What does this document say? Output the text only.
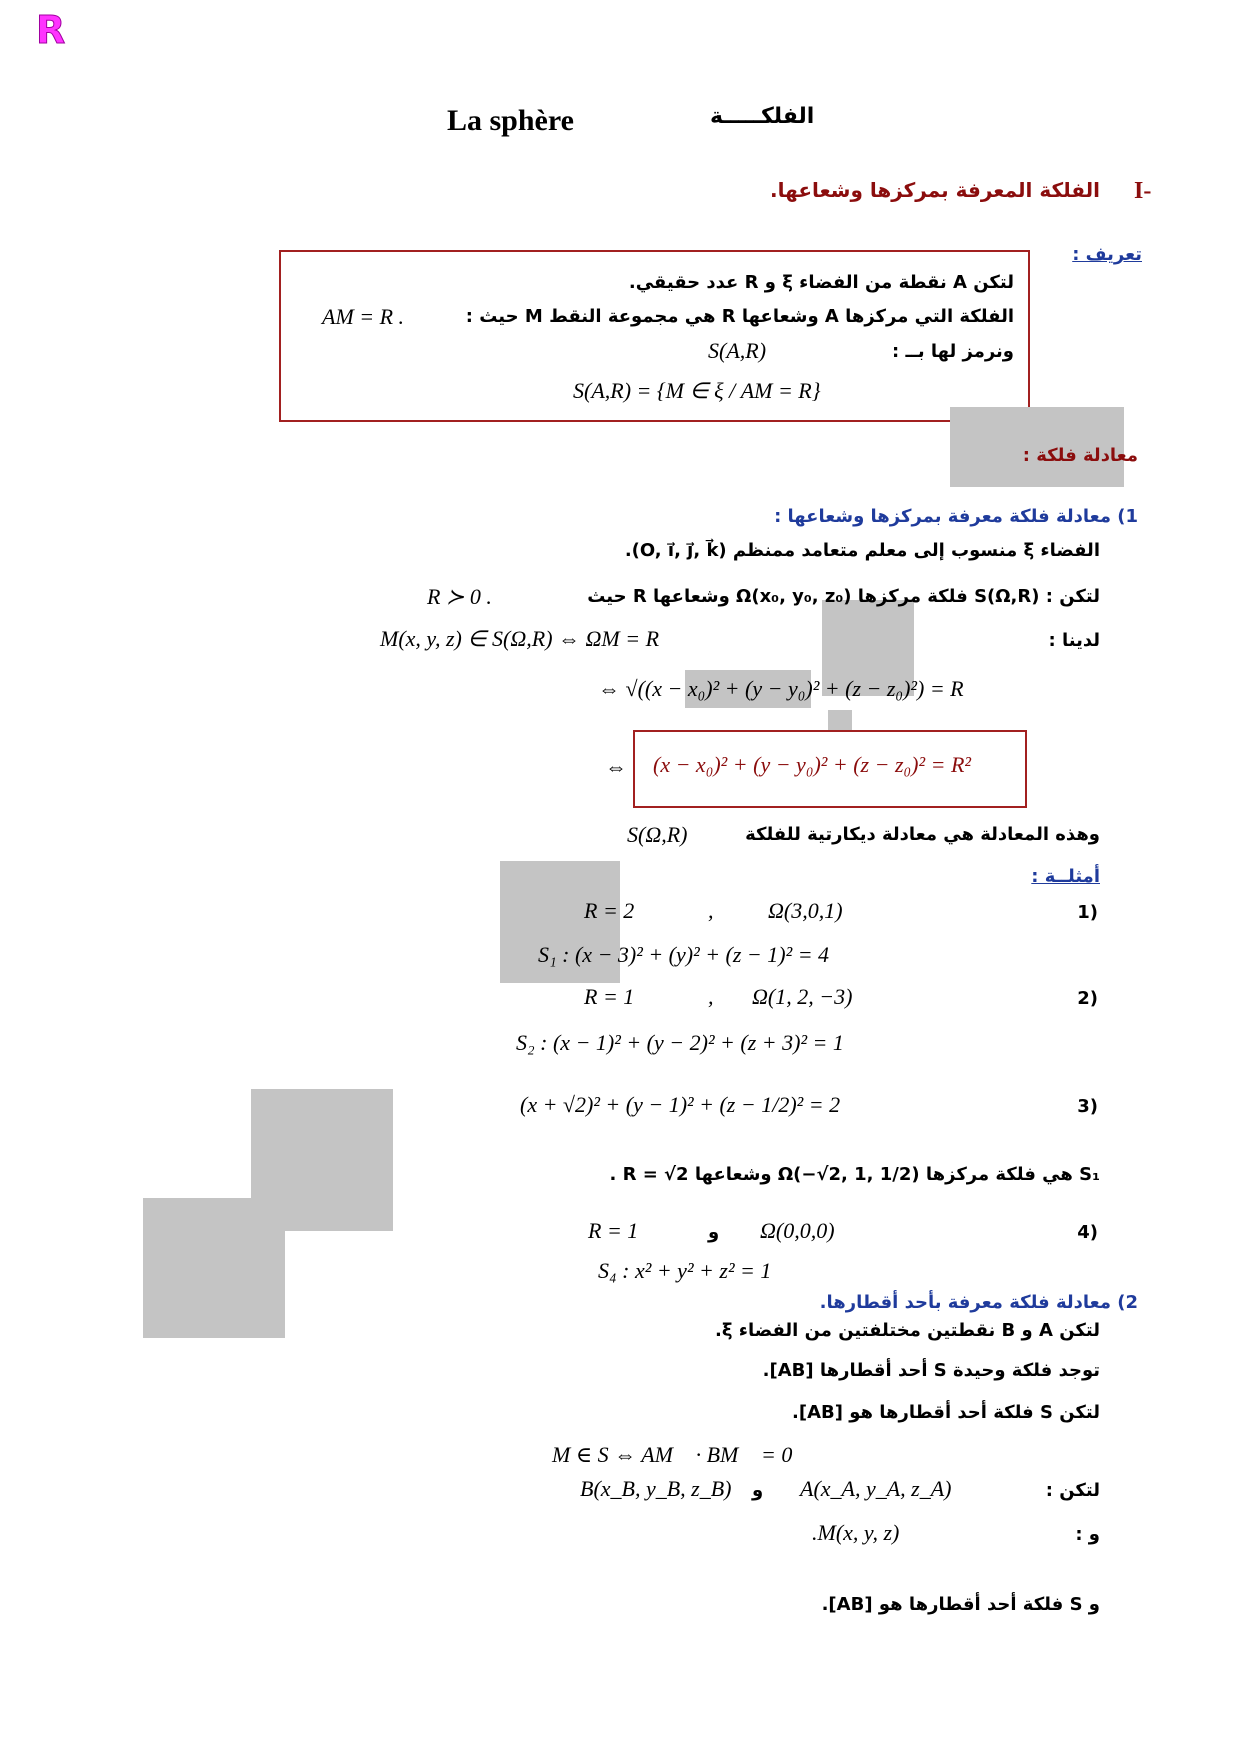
R
La sphère	الفلكـــــة
I-
الفلكة المعرفة بمركزها وشعاعها.
تعريف :
لتكن A نقطة من الفضاء ξ و R عدد حقيقي.
الفلكة التي مركزها A وشعاعها R هي مجموعة النقط M حيث :
AM = R .
ونرمز لها بــ :
S(A,R)
S(A,R) = {M ∈ ξ / AM = R}
معادلة فلكة :
1) معادلة فلكة معرفة بمركزها وشعاعها :
الفضاء ξ منسوب إلى معلم متعامد ممنظم (O, i⃗, j⃗, k⃗).
لتكن : S(Ω,R) فلكة مركزها Ω(x₀, y₀, z₀) وشعاعها R حيث
R ≻ 0 .
لدينا :
M(x, y, z) ∈ S(Ω,R) ⇔ ΩM = R
⇔ √((x − x₀)² + (y − y₀)² + (z − z₀)²) = R
⇔ (x − x₀)² + (y − y₀)² + (z − z₀)² = R²
وهذه المعادلة هي معادلة ديكارتية للفلكة
S(Ω,R)
أمثلــة :
(1
Ω(3,0,1)
,
R = 2
S₁ : (x − 3)² + (y)² + (z − 1)² = 4
(2
Ω(1, 2, −3)
,
R = 1
S₂ : (x − 1)² + (y − 2)² + (z + 3)² = 1
(3
(x + √2)² + (y − 1)² + (z − 1/2)² = 2
S₁ هي فلكة مركزها Ω(−√2, 1, 1/2) وشعاعها R = √2 .
(4
Ω(0,0,0)
و
R = 1
S₄ : x² + y² + z² = 1
2) معادلة فلكة معرفة بأحد أقطارها.
لتكن A و B نقطتين مختلفتين من الفضاء ξ.
توجد فلكة وحيدة S أحد أقطارها [AB].
لتكن S فلكة أحد أقطارها هو [AB].
M ∈ S ⇔ AM⃗ · BM⃗ = 0
لتكن :
A(x_A, y_A, z_A)
و
B(x_B, y_B, z_B)
و :
.M(x, y, z)
و S فلكة أحد أقطارها هو [AB].
